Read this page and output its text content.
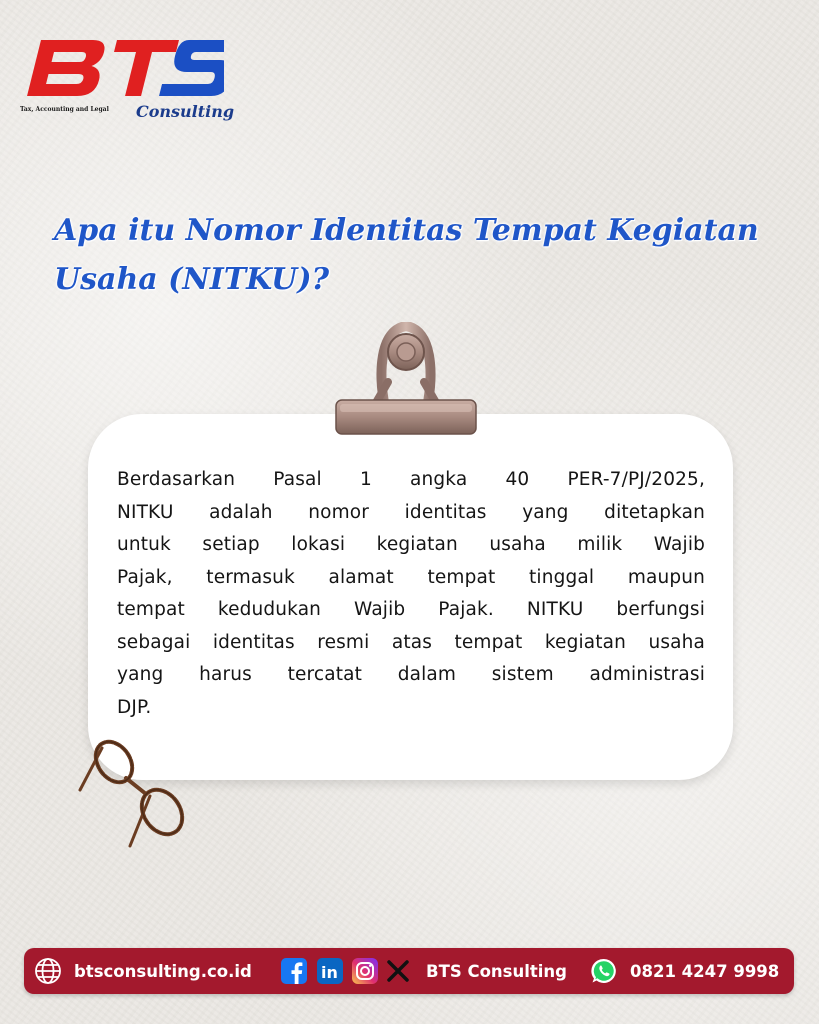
Tax, Accounting and Legal Consulting
Apa itu Nomor Identitas Tempat Kegiatan
Usaha (NITKU)?
Berdasarkan Pasal 1 angka 40 PER-7/PJ/2025,
NITKU adalah nomor identitas yang ditetapkan
untuk setiap lokasi kegiatan usaha milik Wajib
Pajak, termasuk alamat tempat tinggal maupun
tempat kedudukan Wajib Pajak. NITKU berfungsi
sebagai identitas resmi atas tempat kegiatan usaha
yang harus tercatat dalam sistem administrasi
DJP.
btsconsulting.co.id	in	BTS Consulting	0821 4247 9998
